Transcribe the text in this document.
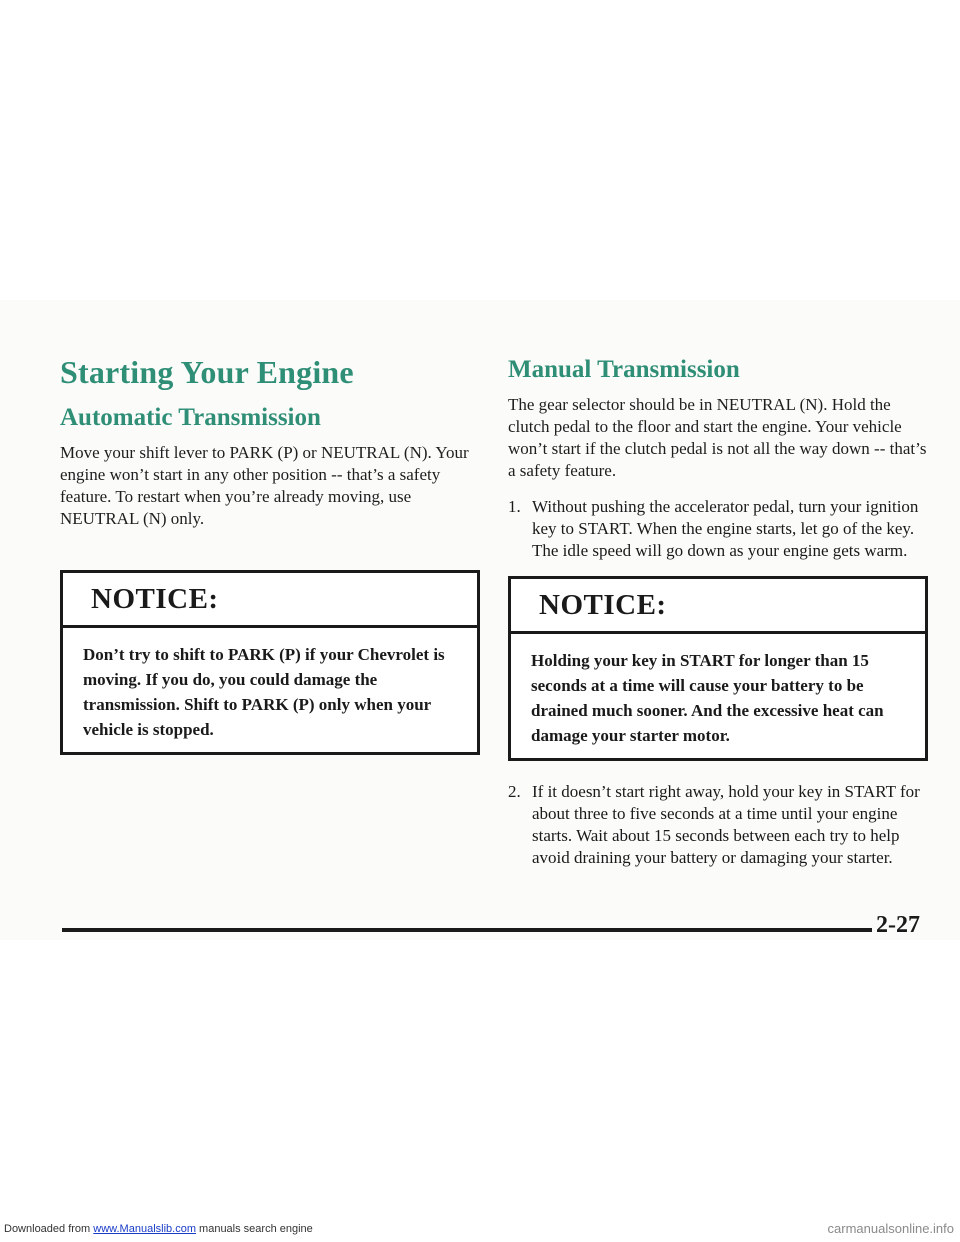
Starting Your Engine
Automatic Transmission

Move your shift lever to PARK (P) or NEUTRAL (N). Your engine won’t start in any other position -- that’s a safety feature. To restart when you’re already moving, use NEUTRAL (N) only.

NOTICE:
Don’t try to shift to PARK (P) if your Chevrolet is moving. If you do, you could damage the transmission. Shift to PARK (P) only when your vehicle is stopped.
Manual Transmission

The gear selector should be in NEUTRAL (N). Hold the clutch pedal to the floor and start the engine. Your vehicle won’t start if the clutch pedal is not all the way down -- that’s a safety feature.

1. Without pushing the accelerator pedal, turn your ignition key to START. When the engine starts, let go of the key. The idle speed will go down as your engine gets warm.
NOTICE:
Holding your key in START for longer than 15 seconds at a time will cause your battery to be drained much sooner. And the excessive heat can damage your starter motor.
2. If it doesn’t start right away, hold your key in START for about three to five seconds at a time until your engine starts. Wait about 15 seconds between each try to help avoid draining your battery or damaging your starter.
2-27
Downloaded from www.Manualslib.com manuals search engine	carmanualsonline.info
